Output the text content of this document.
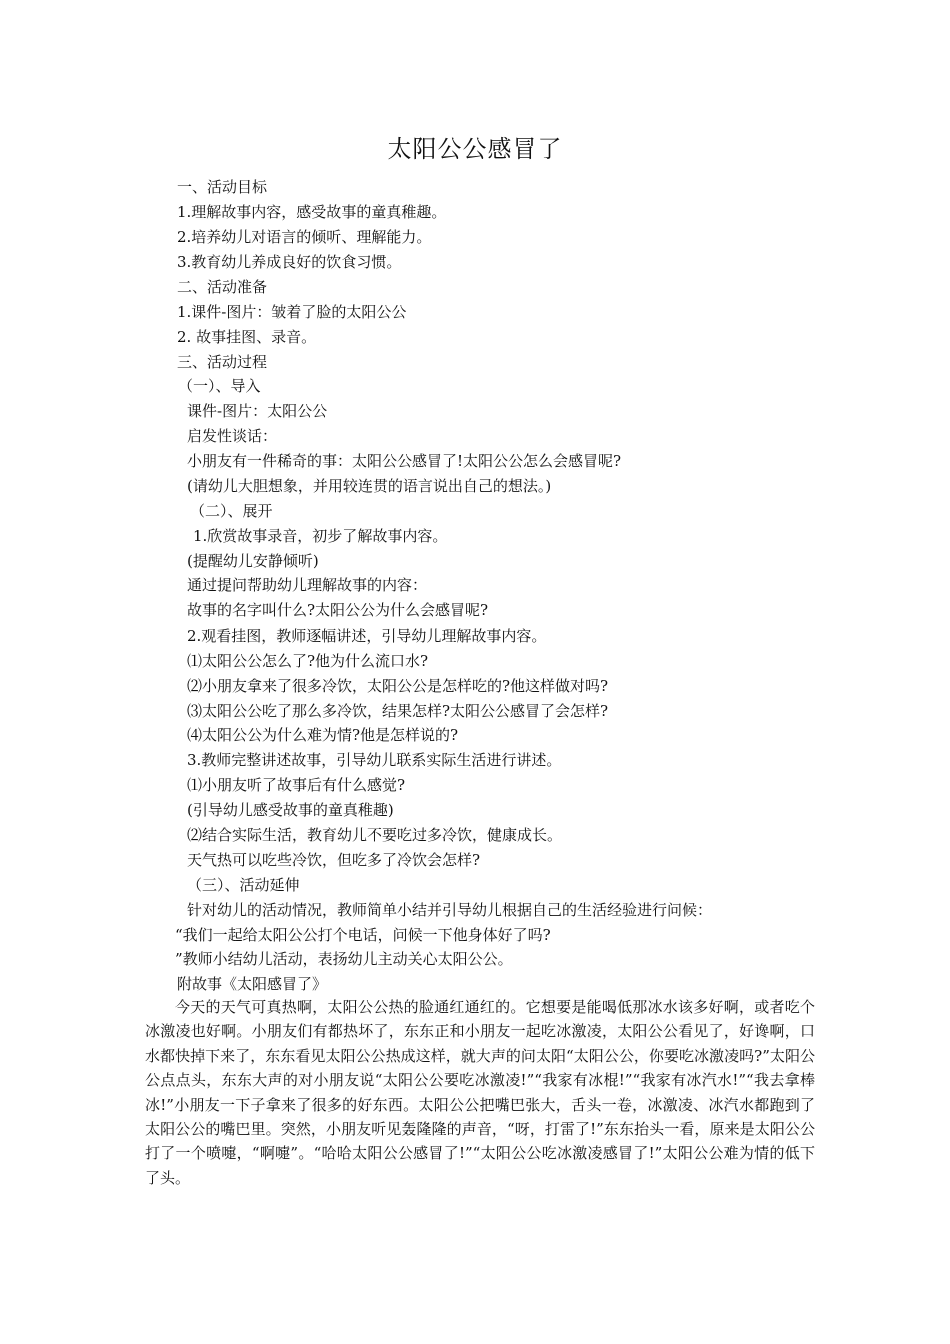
太阳公公感冒了
一、活动目标
1.理解故事内容，感受故事的童真稚趣。
2.培养幼儿对语言的倾听、理解能力。
3.教育幼儿养成良好的饮食习惯。
二、活动准备
1.课件-图片：皱着了脸的太阳公公
2. 故事挂图、录音。
三、活动过程
（一）、导入
课件-图片：太阳公公
启发性谈话：
小朋友有一件稀奇的事：太阳公公感冒了!太阳公公怎么会感冒呢?
(请幼儿大胆想象，并用较连贯的语言说出自己的想法。)
（二）、展开
1.欣赏故事录音，初步了解故事内容。
(提醒幼儿安静倾听)
通过提问帮助幼儿理解故事的内容：
故事的名字叫什么?太阳公公为什么会感冒呢?
2.观看挂图，教师逐幅讲述，引导幼儿理解故事内容。
⑴太阳公公怎么了?他为什么流口水?
⑵小朋友拿来了很多冷饮，太阳公公是怎样吃的?他这样做对吗?
⑶太阳公公吃了那么多冷饮，结果怎样?太阳公公感冒了会怎样?
⑷太阳公公为什么难为情?他是怎样说的?
3.教师完整讲述故事，引导幼儿联系实际生活进行讲述。
⑴小朋友听了故事后有什么感觉?
(引导幼儿感受故事的童真稚趣)
⑵结合实际生活，教育幼儿不要吃过多冷饮，健康成长。
天气热可以吃些冷饮，但吃多了冷饮会怎样?
（三）、活动延伸
针对幼儿的活动情况，教师简单小结并引导幼儿根据自己的生活经验进行问候：
“我们一起给太阳公公打个电话，问候一下他身体好了吗?
”教师小结幼儿活动，表扬幼儿主动关心太阳公公。
附故事《太阳感冒了》
今天的天气可真热啊，太阳公公热的脸通红通红的。它想要是能喝低那冰水该多好啊，或者吃个冰激凌也好啊。小朋友们有都热坏了，东东正和小朋友一起吃冰激凌，太阳公公看见了，好谗啊，口水都快掉下来了，东东看见太阳公公热成这样，就大声的问太阳“太阳公公，你要吃冰激凌吗?”太阳公公点点头，东东大声的对小朋友说“太阳公公要吃冰激凌!”“我家有冰棍!”“我家有冰汽水!”“我去拿棒冰!”小朋友一下子拿来了很多的好东西。太阳公公把嘴巴张大，舌头一卷，冰激凌、冰汽水都跑到了太阳公公的嘴巴里。突然，小朋友听见轰隆隆的声音，“呀，打雷了!”东东抬头一看，原来是太阳公公打了一个喷嚏，“啊嚏”。“哈哈太阳公公感冒了!”“太阳公公吃冰激凌感冒了!”太阳公公难为情的低下了头。
